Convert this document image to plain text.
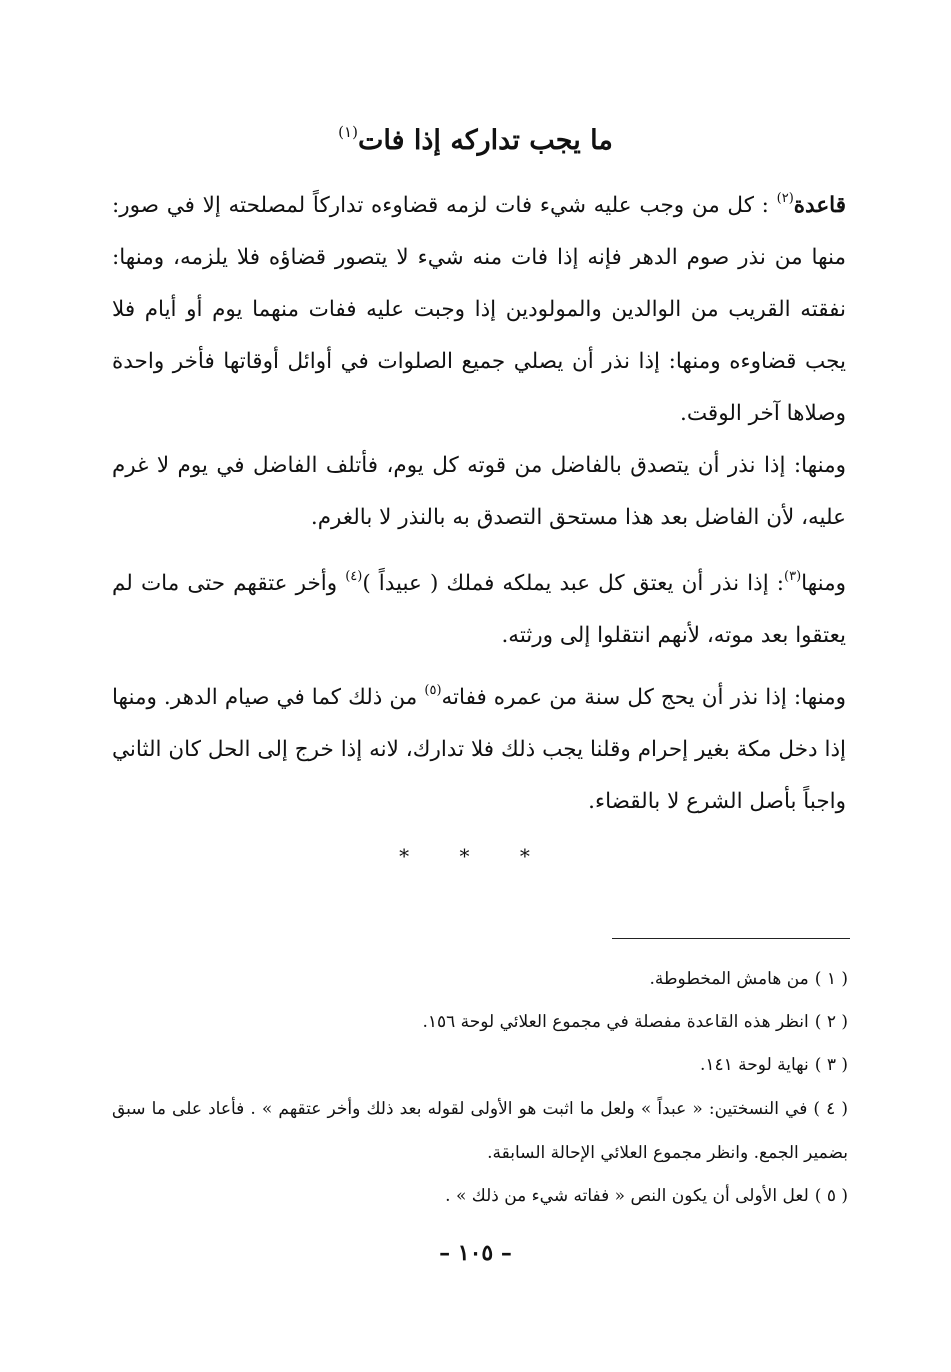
ما يجب تداركه إذا فات$^{(١)}$

قاعدة$^{(٢)}$ : كل من وجب عليه شيء فات لزمه قضاوءه تداركاً لمصلحته إلا في صور: منها من نذر صوم الدهر فإنه إذا فات منه شيء لا يتصور قضاؤه فلا يلزمه، ومنها: نفقته القريب من الوالدين والمولودين إذا وجبت عليه ففات منهما يوم أو أيام فلا يجب قضاوءه ومنها: إذا نذر أن يصلي جميع الصلوات في أوائل أوقاتها فأخر واحدة وصلاها آخر الوقت.

ومنها: إذا نذر أن يتصدق بالفاضل من قوته كل يوم، فأتلف الفاضل في يوم لا غرم عليه، لأن الفاضل بعد هذا مستحق التصدق به بالنذر لا بالغرم.

ومنها$^{(٣)}$: إذا نذر أن يعتق كل عبد يملكه فملك ( عبيداً )$^{(٤)}$ وأخر عتقهم حتى مات لم يعتقوا بعد موته، لأنهم انتقلوا إلى ورثته.

ومنها: إذا نذر أن يحج كل سنة من عمره ففاته$^{(٥)}$ من ذلك كما في صيام الدهر. ومنها إذا دخل مكة بغير إحرام وقلنا يجب ذلك فلا تدارك، لانه إذا خرج إلى الحل كان الثاني واجباً بأصل الشرع لا بالقضاء.

* * *
( ١ )من هامش المخطوطة.
( ٢ )انظر هذه القاعدة مفصلة في مجموع العلائي لوحة ١٥٦.
( ٣ )نهاية لوحة ١٤١.
( ٤ )في النسختين: « عبداً » ولعل ما اثبت هو الأولى لقوله بعد ذلك وأخر عتقهم » . فأعاد على ما سبق بضمير الجمع. وانظر مجموع العلائي الإحالة السابقة.
( ٥ )لعل الأولى أن يكون النص « ففاته شيء من ذلك » .
– ١٠٥ –
